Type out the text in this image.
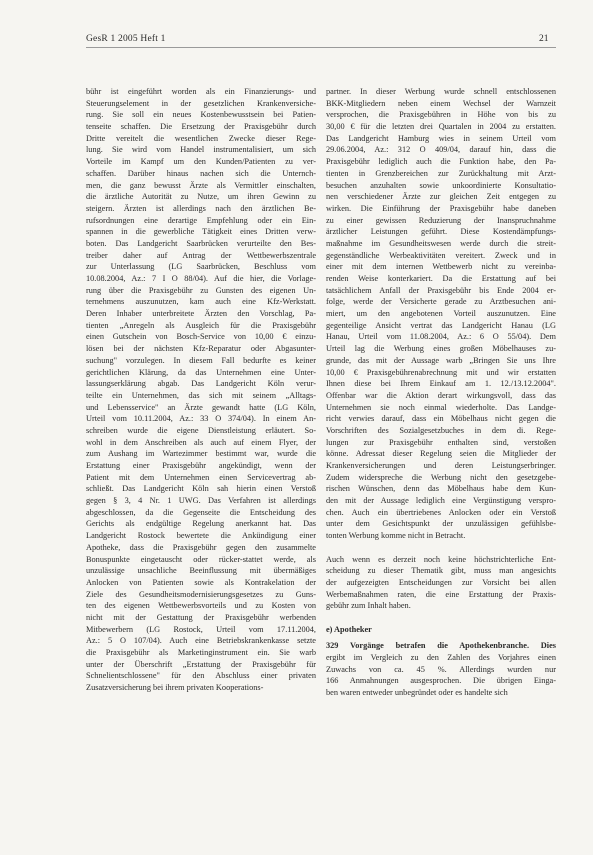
GesR 1 2005 Heft 1	21
bühr ist eingeführt worden als ein Finanzierungs- und
Steuerungselement in der gesetzlichen Krankenversiche-
rung. Sie soll ein neues Kostenbewusstsein bei Patien-
tenseite schaffen. Die Ersetzung der Praxisgebühr durch
Dritte vereitelt die wesentlichen Zwecke dieser Rege-
lung. Sie wird vom Handel instrumentalisiert, um sich
Vorteile im Kampf um den Kunden/Patienten zu ver-
schaffen. Darüber hinaus nachen sich die Unternch-
men, die ganz bewusst Ärzte als Vermittler einschalten,
die ärztliche Autorität zu Nutze, um ihren Gewinn zu
steigern. Ärzten ist allerdings nach den ärztlichen Be-
rufsordnungen eine derartige Empfehlung oder ein Ein-
spannen in die gewerbliche Tätigkeit eines Dritten verw-
boten. Das Landgericht Saarbrücken verurteilte den Bes-
treiber daher auf Antrag der Wettbewerbszentrale
zur Unterlassung (LG Saarbrücken, Beschluss vom
10.08.2004, Az.: 7 I O 88/04). Auf die hier, die Vorlage-
rung über die Praxisgebühr zu Gunsten des eigenen Un-
ternehmens auszunutzen, kam auch eine Kfz-Werkstatt.
Deren Inhaber unterbreitete Ärzten den Vorschlag, Pa-
tienten „Anregeln als Ausgleich für die Praxisgebühr
einen Gutschein von Bosch-Service von 10,00 € einzu-
lösen bei der nächsten Kfz-Reparatur oder Abgasunter-
suchung" vorzulegen. In diesem Fall bedurfte es keiner
gerichtlichen Klärung, da das Unternehmen eine Unter-
lassungserklärung abgab. Das Landgericht Köln verur-
teilte ein Unternehmen, das sich mit seinem „Alltags-
und Lebensservice" an Ärzte gewandt hatte (LG Köln,
Urteil vom 10.11.2004, Az.: 33 O 374/04). In einem An-
schreiben wurde die eigene Dienstleistung erläutert. So-
wohl in dem Anschreiben als auch auf einem Flyer, der
zum Aushang im Wartezimmer bestimmt war, wurde die
Erstattung einer Praxisgebühr angekündigt, wenn der
Patient mit dem Unternehmen einen Servicevertrag ab-
schließt. Das Landgericht Köln sah hierin einen Verstoß
gegen § 3, 4 Nr. 1 UWG. Das Verfahren ist allerdings
abgeschlossen, da die Gegenseite die Entscheidung des
Gerichts als endgültige Regelung anerkannt hat. Das
Landgericht Rostock bewertete die Ankündigung einer
Apotheke, dass die Praxisgebühr gegen den zusammelte
Bonuspunkte eingetauscht oder rücker-stattet werde, als
unzulässige unsachliche Beeinflussung mit übermäßiges
Anlocken von Patienten sowie als Kontrakelation der
Ziele des Gesundheitsmodernisierungsgesetzes zu Guns-
ten des eigenen Wettbewerbsvorteils und zu Kosten von
nicht mit der Gestattung der Praxisgebühr werbenden
Mitbewerbern (LG Rostock, Urteil vom 17.11.2004,
Az.: 5 O 107/04). Auch eine Betriebskrankenkasse setzte
die Praxisgebühr als Marketinginstrument ein. Sie warb
unter der Überschrift „Erstattung der Praxisgebühr für
Schnelientschlossene" für den Abschluss einer privaten
Zusatzversicherung bei ihrem privaten Kooperations-
partner. In dieser Werbung wurde schnell entschlossenen
BKK-Mitgliedern neben einem Wechsel der Warnzeit
versprochen, die Praxisgebühren in Höhe von bis zu
30,00 € für die letzten drei Quartalen in 2004 zu erstatten.
Das Landgericht Hamburg wies in seinem Urteil vom
29.06.2004, Az.: 312 O 409/04, darauf hin, dass die
Praxisgebühr lediglich auch die Funktion habe, den Pa-
tienten in Grenzbereichen zur Zurückhaltung mit Arzt-
besuchen anzuhalten sowie unkoordinierte Konsultatio-
nen verschiedener Ärzte zur gleichen Zeit entgegen zu
wirken. Die Einführung der Praxisgebühr habe daneben
zu einer gewissen Reduzierung der Inanspruchnahme
ärztlicher Leistungen geführt. Diese Kostendämpfungs-
maßnahme im Gesundheitswesen werde durch die streit-
gegenständliche Werbeaktivitäten vereitert. Zweck und in
einer mit dem internen Wettbewerb nicht zu vereinba-
renden Weise konterkariert. Da die Erstattung auf bei
tatsächlichem Anfall der Praxisgebühr bis Ende 2004 er-
folge, werde der Versicherte gerade zu Arztbesuchen ani-
miert, um den angebotenen Vorteil auszunutzen. Eine
gegenteilige Ansicht vertrat das Landgericht Hanau (LG
Hanau, Urteil vom 11.08.2004, Az.: 6 O 55/04). Dem
Urteil lag die Werbung eines großen Möbelhauses zu-
grunde, das mit der Aussage warb „Bringen Sie uns Ihre
10,00 € Praxisgebührenabrechnung mit und wir erstatten
Ihnen diese bei Ihrem Einkauf am 1. 12./13.12.2004".
Offenbar war die Aktion derart wirkungsvoll, dass das
Unternehmen sie noch einmal wiederholte. Das Landge-
richt verwies darauf, dass ein Möbelhaus nicht gegen die
Vorschriften des Sozialgesetzbuches in dem di. Rege-
lungen zur Praxisgebühr enthalten sind, verstoßen
könne. Adressat dieser Regelung seien die Mitglieder der
Krankenversicherungen und deren Leistungserbringer.
Zudem widerspreche die Werbung nicht den gesetzgebe-
rischen Wünschen, denn das Möbelhaus habe dem Kun-
den mit der Aussage lediglich eine Vergünstigung verspro-
chen. Auch ein übertriebenes Anlocken oder ein Verstoß
unter dem Gesichtspunkt der unzulässigen gefühlsbe-
tonten Werbung komme nicht in Betracht.
Auch wenn es derzeit noch keine höchstrichterliche Ent-
scheidung zu dieser Thematik gibt, muss man angesichts
der aufgezeigten Entscheidungen zur Vorsicht bei allen
Werbemaßnahmen raten, die eine Erstattung der Praxis-
gebühr zum Inhalt haben.
e) Apotheker
329 Vorgänge betrafen die Apothekenbranche. Dies
ergibt im Vergleich zu den Zahlen des Vorjahres einen
Zuwachs von ca. 45 %. Allerdings wurden nur
166 Anmahnungen ausgesprochen. Die übrigen Einga-
ben waren entweder unbegründet oder es handelte sich
